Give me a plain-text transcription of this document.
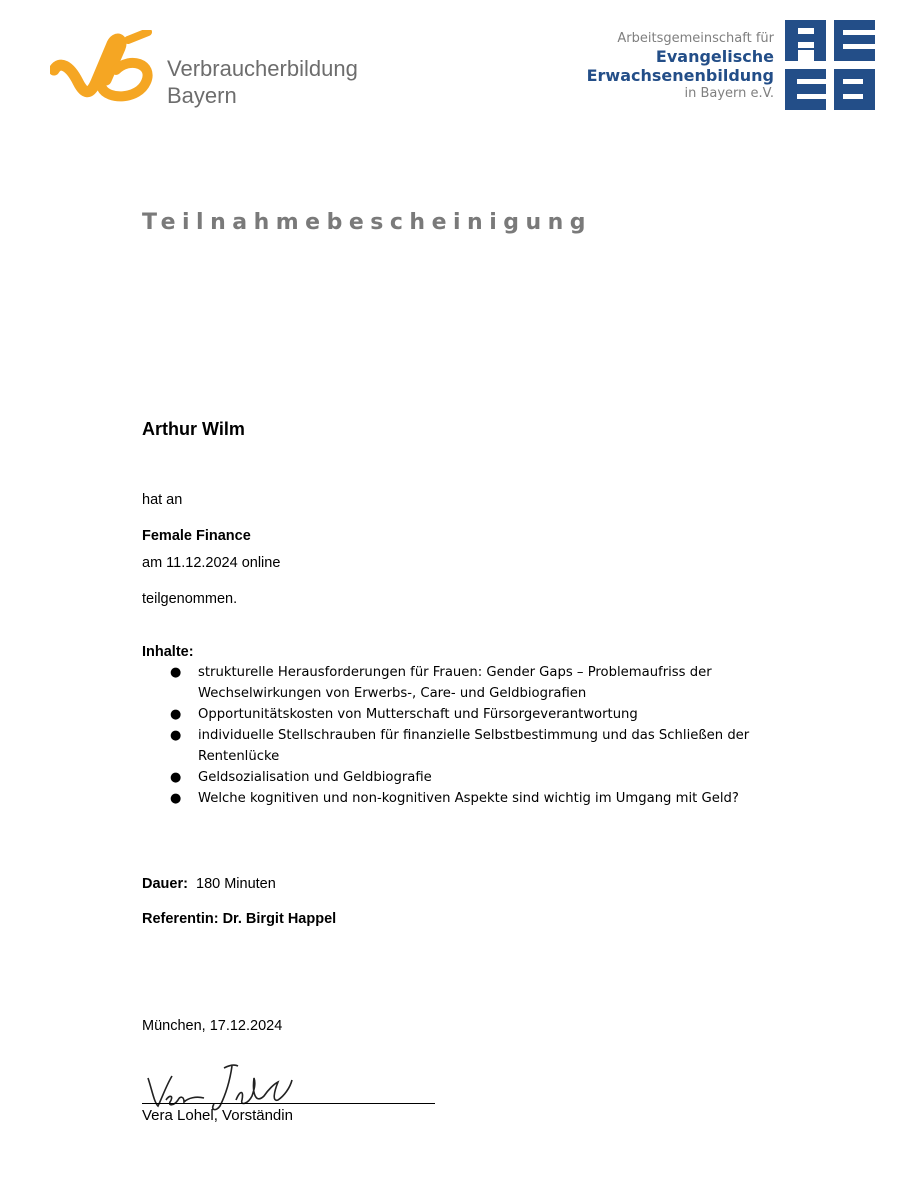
Verbraucherbildung
Bayern
Arbeitsgemeinschaft für
Evangelische
Erwachsenenbildung
in Bayern e.V.
Teilnahmebescheinigung
Arthur Wilm
hat an
Female Finance
am 11.12.2024 online
teilgenommen.
Inhalte:
● strukturelle Herausforderungen für Frauen: Gender Gaps – Problemaufriss der Wechselwirkungen von Erwerbs-, Care- und Geldbiografien
● Opportunitätskosten von Mutterschaft und Fürsorgeverantwortung
● individuelle Stellschrauben für finanzielle Selbstbestimmung und das Schließen der Rentenlücke
● Geldsozialisation und Geldbiografie
● Welche kognitiven und non-kognitiven Aspekte sind wichtig im Umgang mit Geld?
Dauer: 180 Minuten
Referentin: Dr. Birgit Happel
München, 17.12.2024
Vera Lohel, Vorständin
